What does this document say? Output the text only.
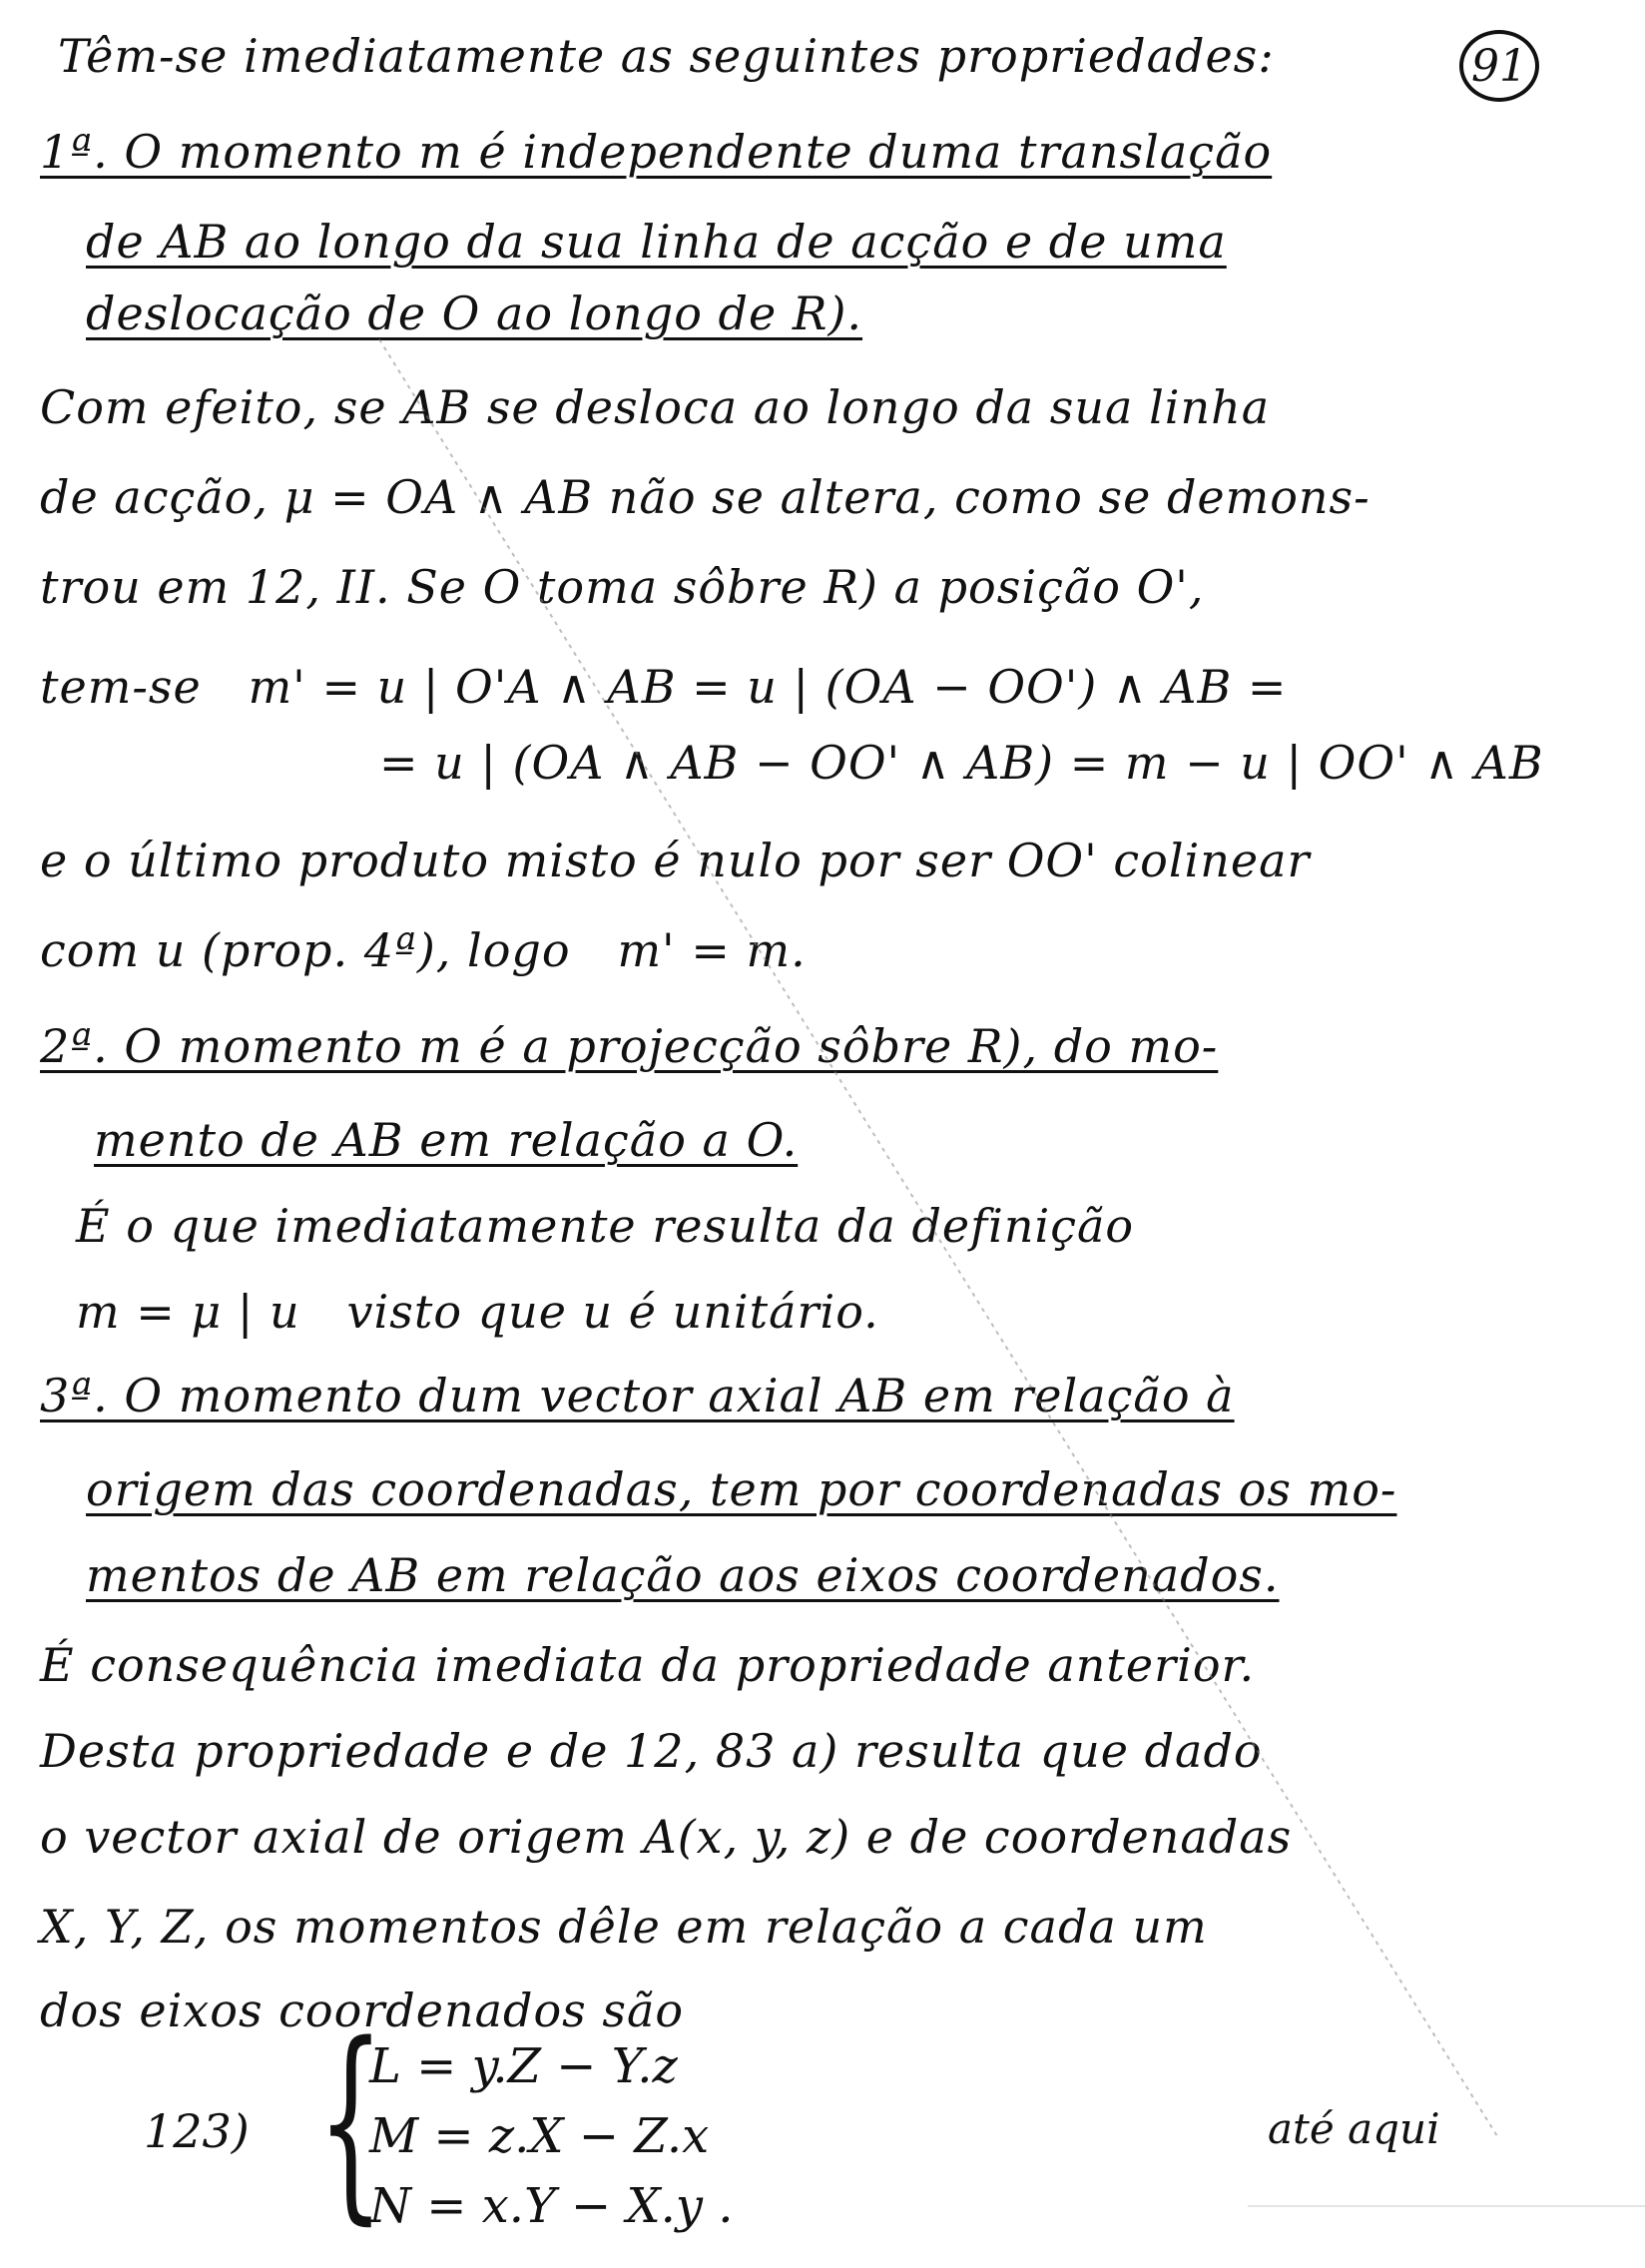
Têm-se imediatamente as seguintes propriedades:	91
1ª. O momento m é independente duma translação
de AB ao longo da sua linha de acção e de uma
deslocação de O ao longo de R).
Com efeito, se AB se desloca ao longo da sua linha
de acção, μ = OA ∧ AB não se altera, como se demons-
trou em 12, II. Se O toma sôbre R) a posição O',
tem-se   m' = u | O'A ∧ AB = u | (OA − OO') ∧ AB =
= u | (OA ∧ AB − OO' ∧ AB) = m − u | OO' ∧ AB
e o último produto misto é nulo por ser OO' colinear
com u (prop. 4ª), logo   m' = m.
2ª. O momento m é a projecção sôbre R), do mo-
mento de AB em relação a O.
É o que imediatamente resulta da definição
m = μ | u   visto que u é unitário.
3ª. O momento dum vector axial AB em relação à
origem das coordenadas, tem por coordenadas os mo-
mentos de AB em relação aos eixos coordenados.
É consequência imediata da propriedade anterior.
Desta propriedade e de 12, 83 a) resulta que dado
o vector axial de origem A(x, y, z) e de coordenadas
X, Y, Z, os momentos dêle em relação a cada um
dos eixos coordenados são
123) {
L = y.Z − Y.z
M = z.X − Z.x
N = x.Y − X.y .
até aqui
